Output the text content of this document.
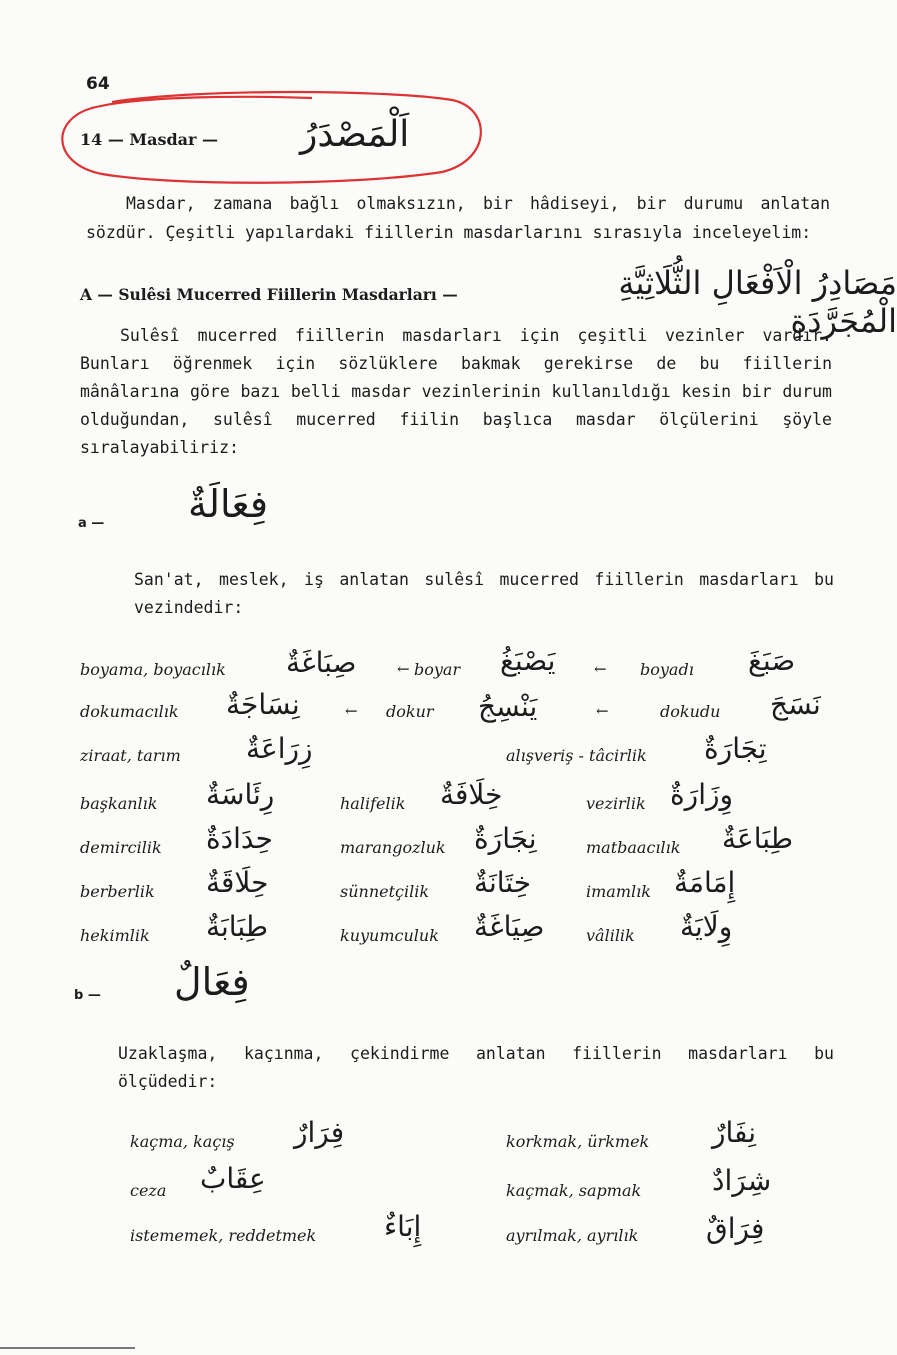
64
14 — Masdar — اَلْمَصْدَرُ
Masdar, zamana bağlı olmaksızın, bir hâdiseyi, bir durumu anlatan sözdür. Çeşitli yapılardaki fiillerin masdarlarını sırasıyla inceleyelim:
A — Sulêsi Mucerred Fiillerin Masdarları —	مَصَادِرُ الْاَفْعَالِ الثُّلَاثِيَّةِ الْمُجَرَّدَةِ
Sulêsî mucerred fiillerin masdarları için çeşitli vezinler vardır. Bunları öğrenmek için sözlüklere bakmak gerekirse de bu fiillerin mânâlarına göre bazı belli masdar vezinlerinin kullanıldığı kesin bir durum olduğundan, sulêsî mucerred fiilin başlıca masdar ölçülerini şöyle sıralayabiliriz:
a — فِعَالَةٌ
San'at, meslek, iş anlatan sulêsî mucerred fiillerin masdarları bu vezindedir:
boyama, boyacılık صِبَاغَةٌ	← boyar يَصْبَغُ	← boyadı صَبَغَ
dokumacılık نِسَاجَةٌ	← dokur يَنْسِجُ	←	dokudu نَسَجَ
ziraat, tarım زِرَاعَةٌ	alışveriş - tâcirlik تِجَارَةٌ
başkanlık رِئَاسَةٌ	halifelik خِلَافَةٌ	vezirlik وِزَارَةٌ
demircilik حِدَادَةٌ	marangozluk نِجَارَةٌ	matbaacılık طِبَاعَةٌ
berberlik حِلَاقَةٌ	sünnetçilik خِتَانَةٌ	imamlık إِمَامَةٌ
hekimlik طِبَابَةٌ	kuyumculuk صِيَاغَةٌ	vâlilik وِلَايَةٌ
b — فِعَالٌ
Uzaklaşma, kaçınma, çekindirme anlatan fiillerin masdarları bu ölçüdedir:
kaçma, kaçış فِرَارٌ	korkmak, ürkmek نِفَارٌ
ceza عِقَابٌ	kaçmak, sapmak	شِرَادٌ
istememek, reddetmek إِبَاءٌ	ayrılmak, ayrılık فِرَاقٌ
